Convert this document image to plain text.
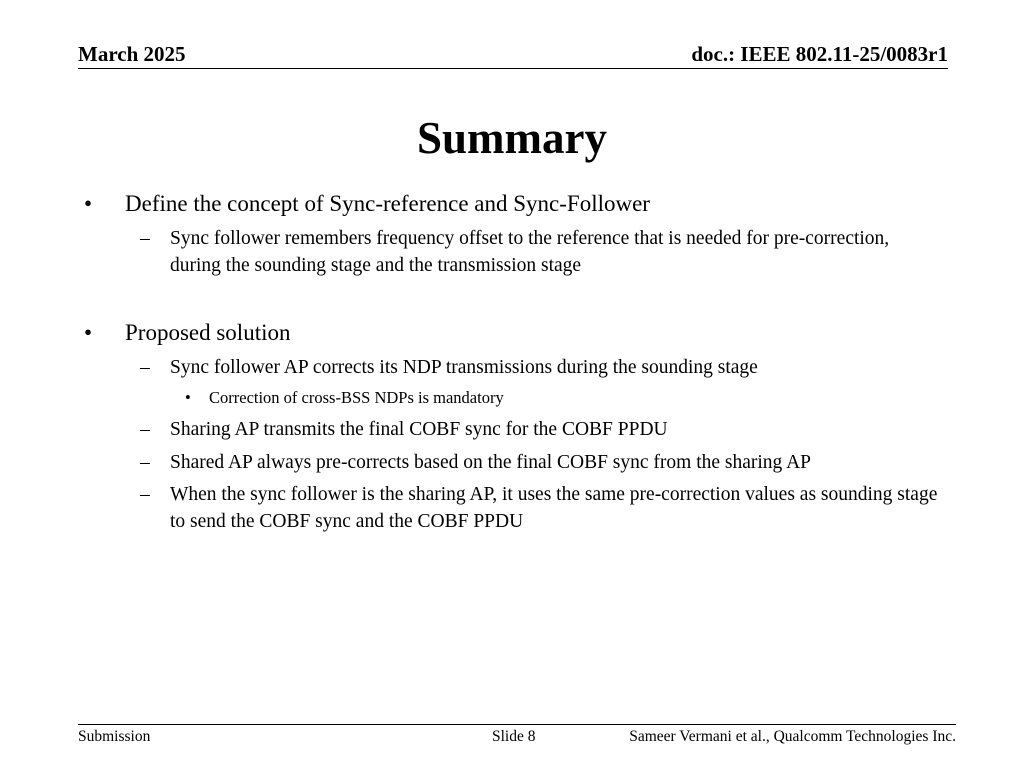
March 2025	doc.: IEEE 802.11-25/0083r1
Summary
• Define the concept of Sync-reference and Sync-Follower
– Sync follower remembers frequency offset to the reference that is needed for pre-correction, during the sounding stage and the transmission stage
• Proposed solution
– Sync follower AP corrects its NDP transmissions during the sounding stage
• Correction of cross-BSS NDPs is mandatory
– Sharing AP transmits the final COBF sync for the COBF PPDU
– Shared AP always pre-corrects based on the final COBF sync from the sharing AP
– When the sync follower is the sharing AP, it uses the same pre-correction values as sounding stage to send the COBF sync and the COBF PPDU
Submission	Slide 8	Sameer Vermani et al., Qualcomm Technologies Inc.
